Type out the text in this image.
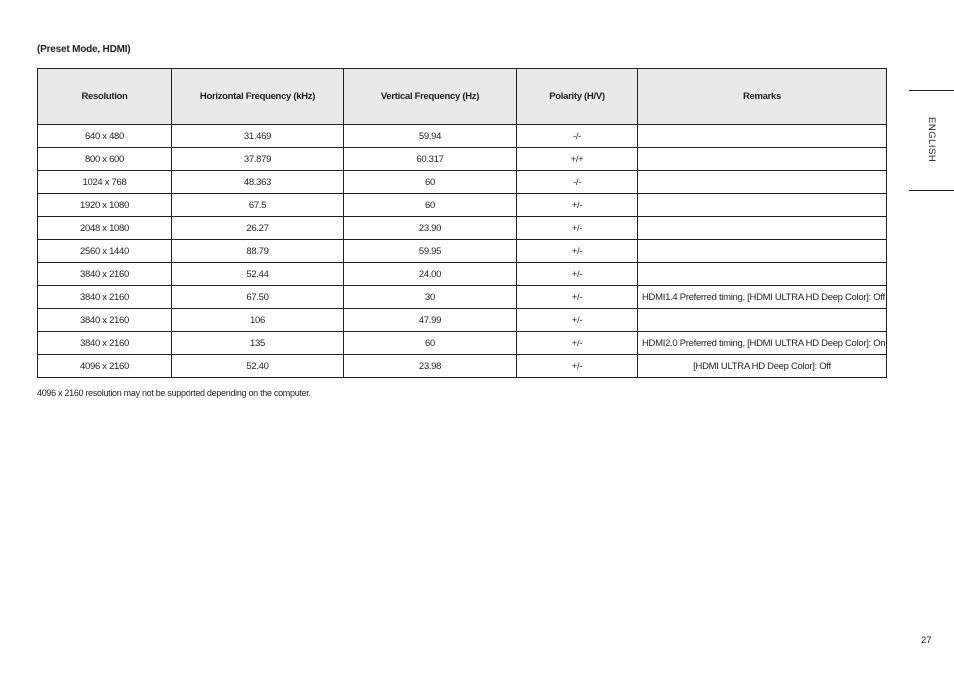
(Preset Mode, HDMI)
Resolution	Horizontal Frequency (kHz)	Vertical Frequency (Hz)	Polarity (H/V)	Remarks
640 x 480	31.469	59.94	-/-	
800 x 600	37.879	60.317	+/+	
1024 x 768	48.363	60	-/-	
1920 x 1080	67.5	60	+/-	
2048 x 1080	26.27	23.90	+/-	
2560 x 1440	88.79	59.95	+/-	
3840 x 2160	52.44	24.00	+/-	
3840 x 2160	67.50	30	+/-	HDMI1.4 Preferred timing, [HDMI ULTRA HD Deep Color]: Off
3840 x 2160	106	47.99	+/-	
3840 x 2160	135	60	+/-	HDMI2.0 Preferred timing, [HDMI ULTRA HD Deep Color]: On
4096 x 2160	52.40	23.98	+/-	[HDMI ULTRA HD Deep Color]: Off
4096 x 2160 resolution may not be supported depending on the computer.
ENGLISH
27
